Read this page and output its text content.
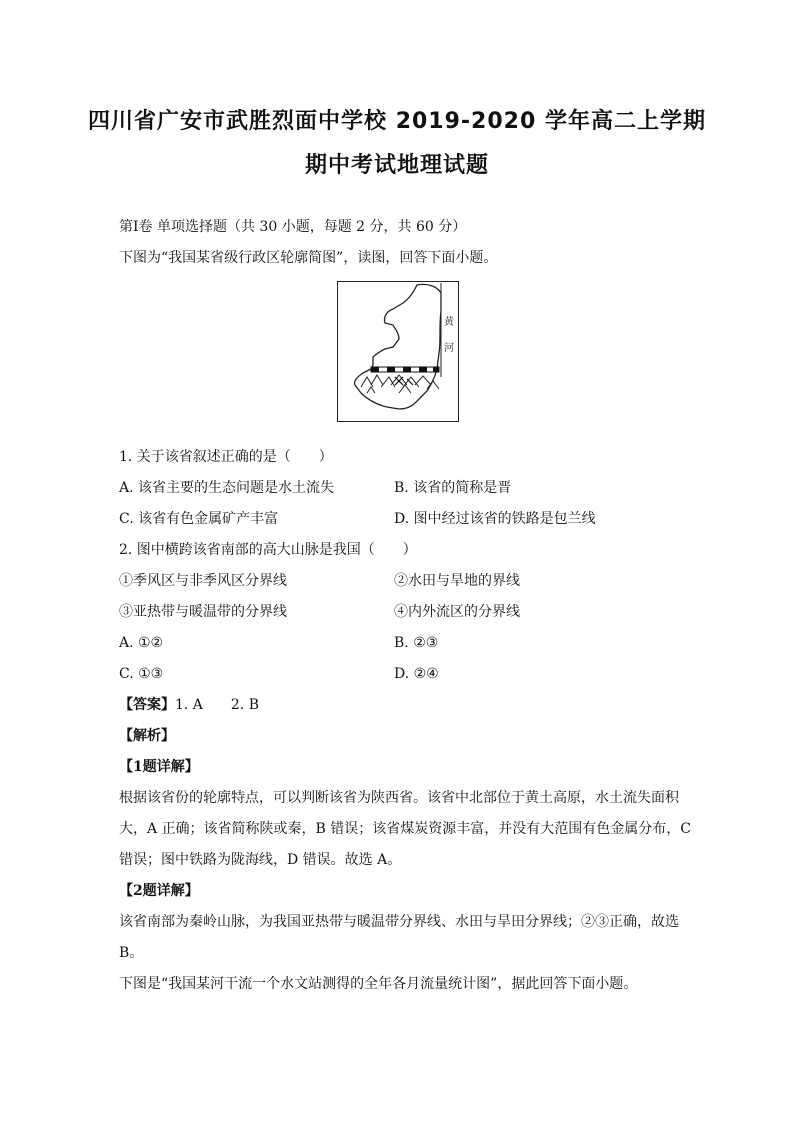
四川省广安市武胜烈面中学校 2019-2020 学年高二上学期
期中考试地理试题
第Ⅰ卷 单项选择题（共 30 小题，每题 2 分，共 60 分）
下图为“我国某省级行政区轮廓简图”，读图，回答下面小题。
黄
河
1. 关于该省叙述正确的是（　　）
A. 该省主要的生态问题是水土流失	B. 该省的简称是晋
C. 该省有色金属矿产丰富	D. 图中经过该省的铁路是包兰线
2. 图中横跨该省南部的高大山脉是我国（　　）
①季风区与非季风区分界线	②水田与旱地的界线
③亚热带与暖温带的分界线	④内外流区的分界线
A. ①②	B. ②③
C. ①③	D. ②④
【答案】1. A　　2. B
【解析】
【1题详解】
根据该省份的轮廓特点，可以判断该省为陕西省。该省中北部位于黄土高原，水土流失面积
大，A 正确；该省简称陕或秦，B 错误；该省煤炭资源丰富，并没有大范围有色金属分布，C
错误；图中铁路为陇海线，D 错误。故选 A。
【2题详解】
该省南部为秦岭山脉，为我国亚热带与暖温带分界线、水田与旱田分界线；②③正确，故选
B。
下图是“我国某河干流一个水文站测得的全年各月流量统计图”，据此回答下面小题。
